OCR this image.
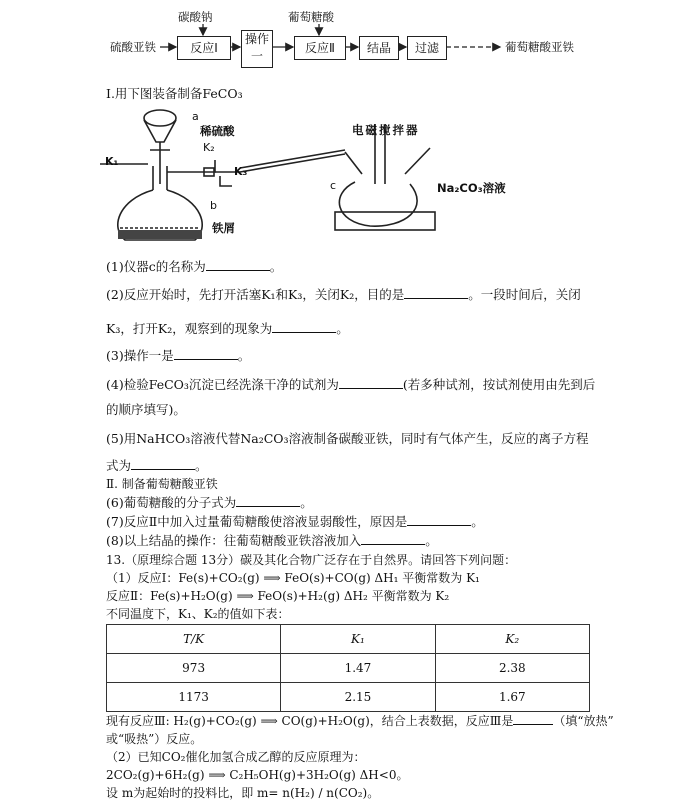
硫酸亚铁
碳酸钠
反应Ⅰ
操作
一
葡萄糖酸
反应Ⅱ	结晶	过滤	葡萄糖酸亚铁
Ⅰ.用下图装备制备FeCO₃
a
稀硫酸
K₂
K₁
K₃
b
铁屑
电磁搅拌器
c	Na₂CO₃溶液
(1)仪器c的名称为	。
(2)反应开始时，先打开活塞K₁和K₃，关闭K₂，目的是	。一段时间后，关闭
K₃，打开K₂，观察到的现象为	。
(3)操作一是	。
(4)检验FeCO₃沉淀已经洗涤干净的试剂为	(若多种试剂，按试剂使用由先到后
的顺序填写)。
(5)用NaHCO₃溶液代替Na₂CO₃溶液制备碳酸亚铁，同时有气体产生，反应的离子方程
式为	。
Ⅱ. 制备葡萄糖酸亚铁
(6)葡萄糖酸的分子式为	。
(7)反应Ⅱ中加入过量葡萄糖酸使溶液显弱酸性，原因是	。
(8)以上结晶的操作：往葡萄糖酸亚铁溶液加入	。
13.（原理综合题 13分）碳及其化合物广泛存在于自然界。请回答下列问题：
（1）反应Ⅰ：Fe(s)+CO₂(g) ⟹ FeO(s)+CO(g) ΔH₁ 平衡常数为 K₁
反应Ⅱ：Fe(s)+H₂O(g) ⟹ FeO(s)+H₂(g) ΔH₂ 平衡常数为 K₂
不同温度下，K₁、K₂的值如下表：
T/K	K₁	K₂
973	1.47	2.38
1173	2.15	1.67
现有反应Ⅲ: H₂(g)+CO₂(g) ⟹ CO(g)+H₂O(g)，结合上表数据，反应Ⅲ是	（填“放热”
或“吸热”）反应。
（2）已知CO₂催化加氢合成乙醇的反应原理为：
2CO₂(g)+6H₂(g) ⟹ C₂H₅OH(g)+3H₂O(g) ΔH<0。
设 m为起始时的投料比，即 m= n(H₂) / n(CO₂)。
